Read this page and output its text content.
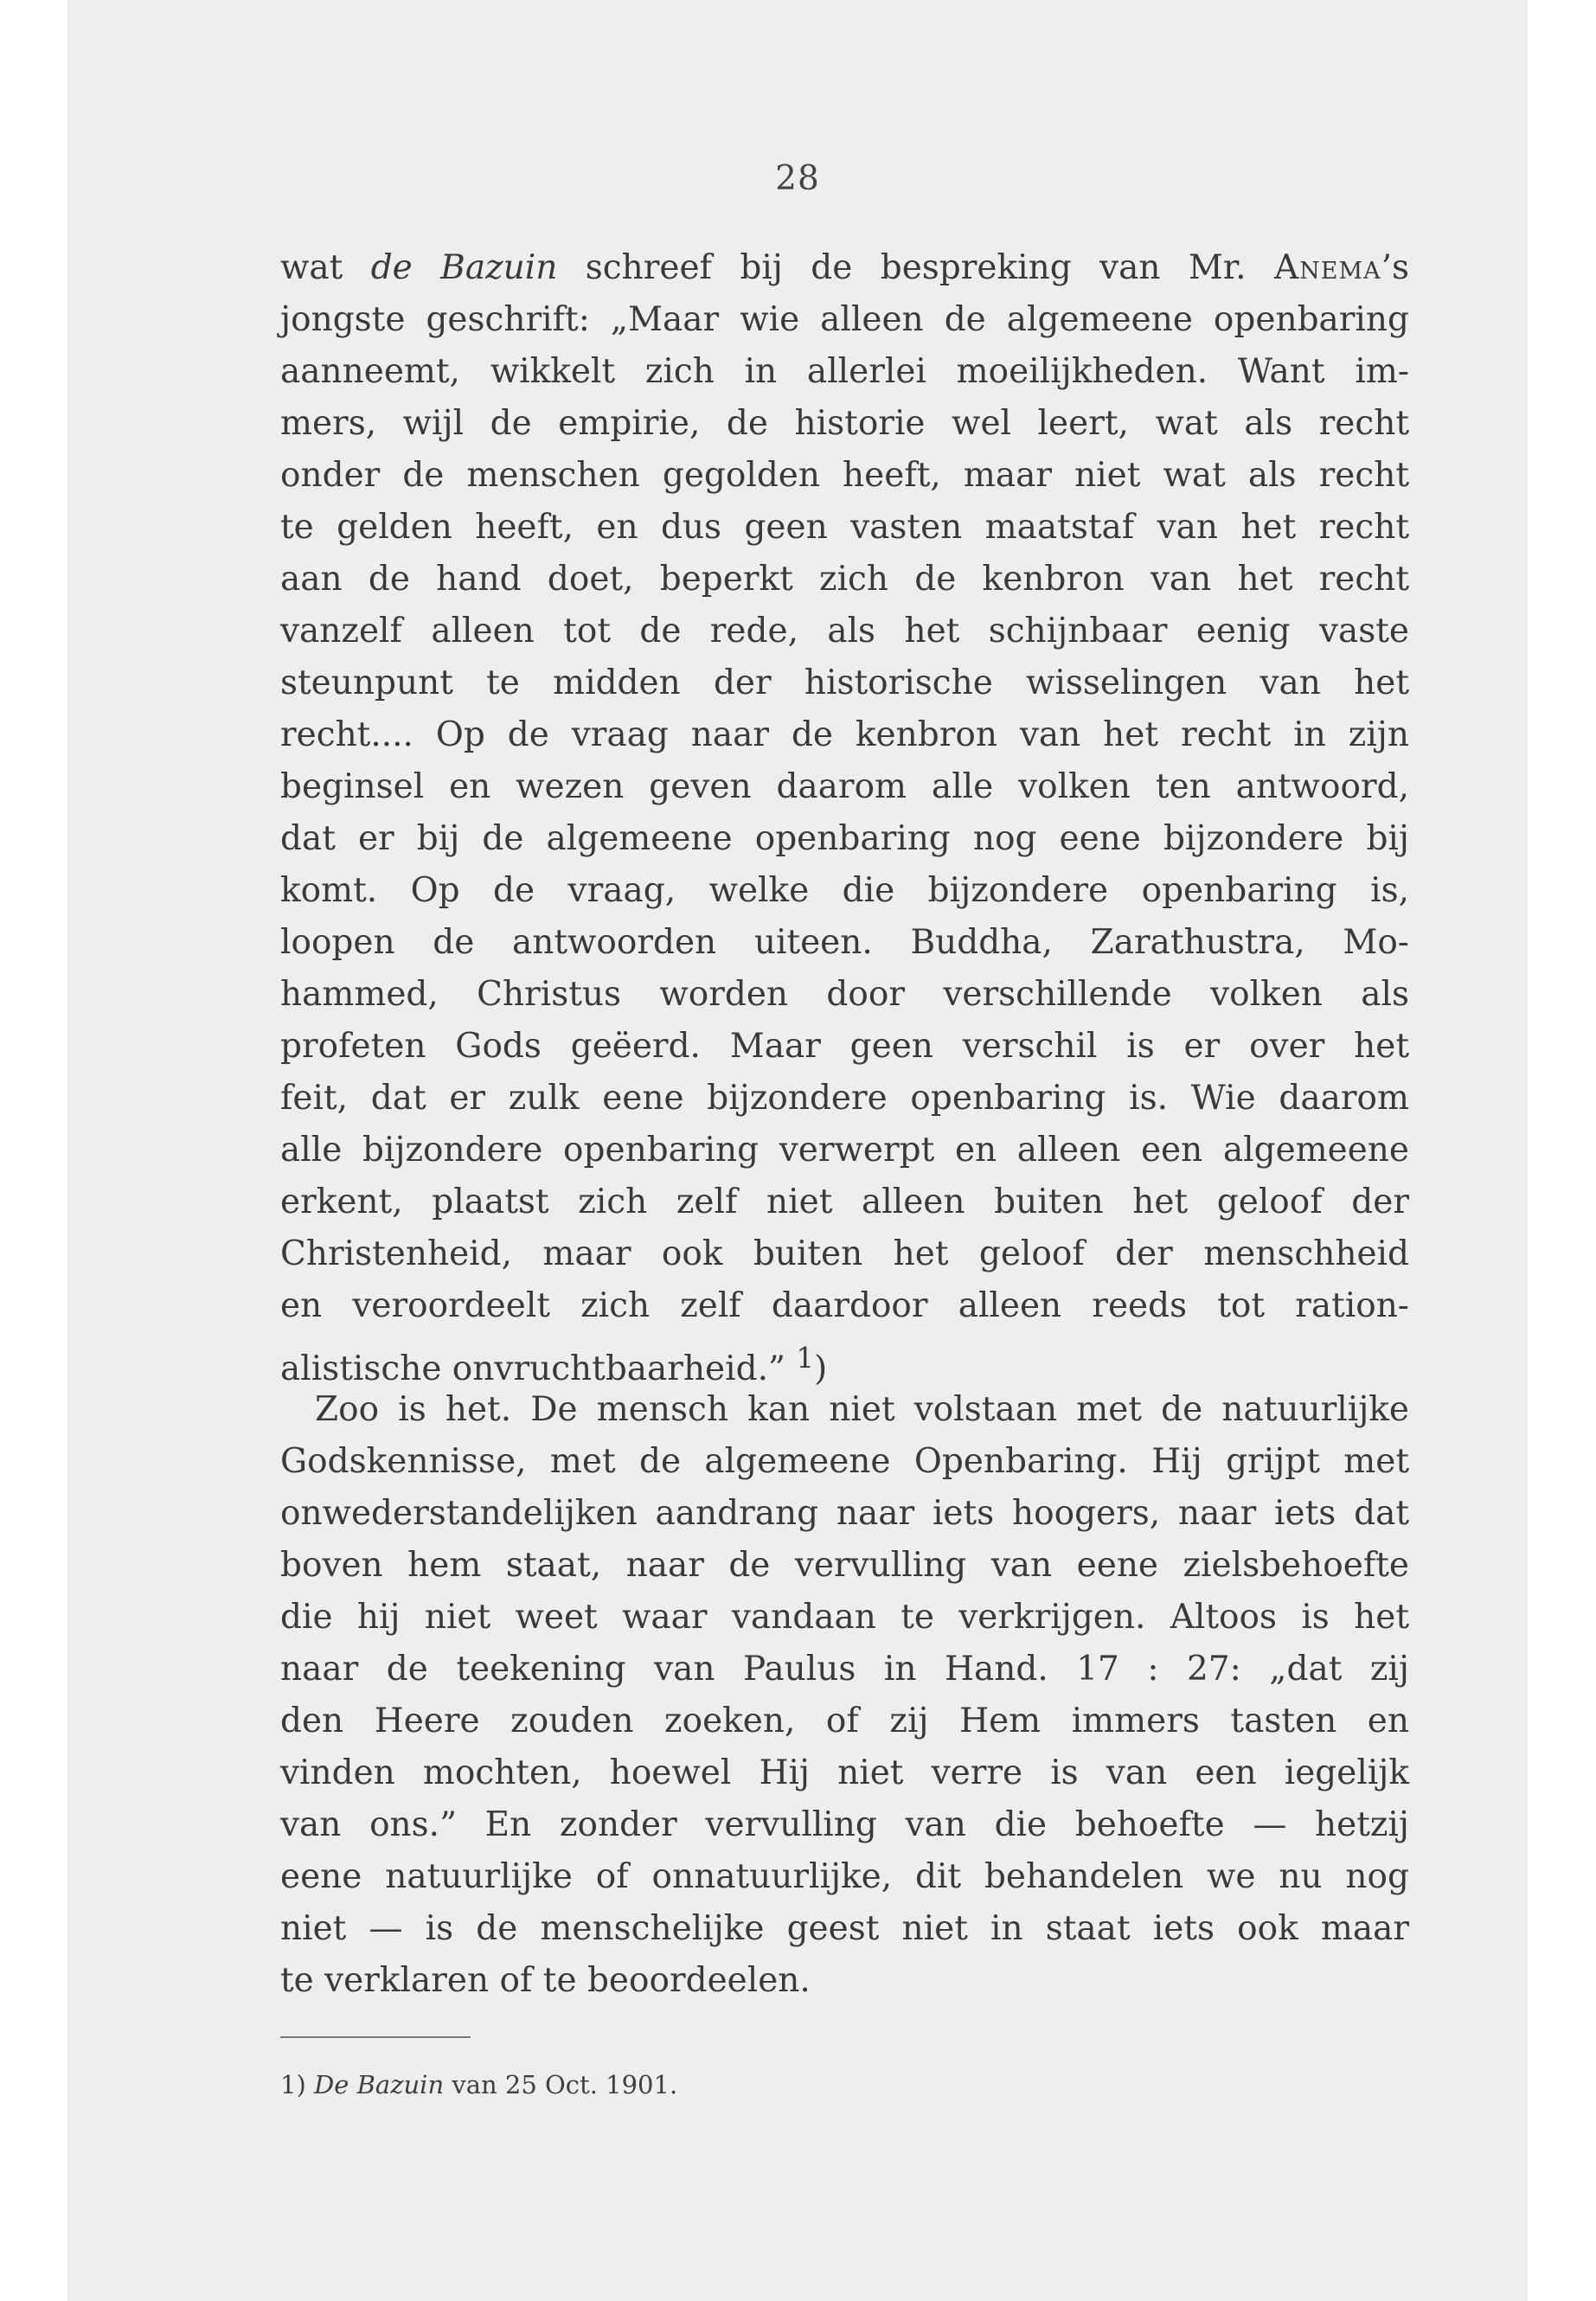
28
wat de Bazuin schreef bij de bespreking van Mr. Anema’s
jongste geschrift: „Maar wie alleen de algemeene openbaring
aanneemt, wikkelt zich in allerlei moeilijkheden. Want im-
mers, wijl de empirie, de historie wel leert, wat als recht
onder de menschen gegolden heeft, maar niet wat als recht
te gelden heeft, en dus geen vasten maatstaf van het recht
aan de hand doet, beperkt zich de kenbron van het recht
vanzelf alleen tot de rede, als het schijnbaar eenig vaste
steunpunt te midden der historische wisselingen van het
recht.... Op de vraag naar de kenbron van het recht in zijn
beginsel en wezen geven daarom alle volken ten antwoord,
dat er bij de algemeene openbaring nog eene bijzondere bij
komt. Op de vraag, welke die bijzondere openbaring is,
loopen de antwoorden uiteen. Buddha, Zarathustra, Mo-
hammed, Christus worden door verschillende volken als
profeten Gods geëerd. Maar geen verschil is er over het
feit, dat er zulk eene bijzondere openbaring is. Wie daarom
alle bijzondere openbaring verwerpt en alleen een algemeene
erkent, plaatst zich zelf niet alleen buiten het geloof der
Christenheid, maar ook buiten het geloof der menschheid
en veroordeelt zich zelf daardoor alleen reeds tot ration-
alistische onvruchtbaarheid.” $^1$)
Zoo is het. De mensch kan niet volstaan met de natuurlijke
Godskennisse, met de algemeene Openbaring. Hij grijpt met
onwederstandelijken aandrang naar iets hoogers, naar iets dat
boven hem staat, naar de vervulling van eene zielsbehoefte
die hij niet weet waar vandaan te verkrijgen. Altoos is het
naar de teekening van Paulus in Hand. 17 : 27: „dat zij
den Heere zouden zoeken, of zij Hem immers tasten en
vinden mochten, hoewel Hij niet verre is van een iegelijk
van ons.” En zonder vervulling van die behoefte — hetzij
eene natuurlijke of onnatuurlijke, dit behandelen we nu nog
niet — is de menschelijke geest niet in staat iets ook maar
te verklaren of te beoordeelen.
1) De Bazuin van 25 Oct. 1901.
